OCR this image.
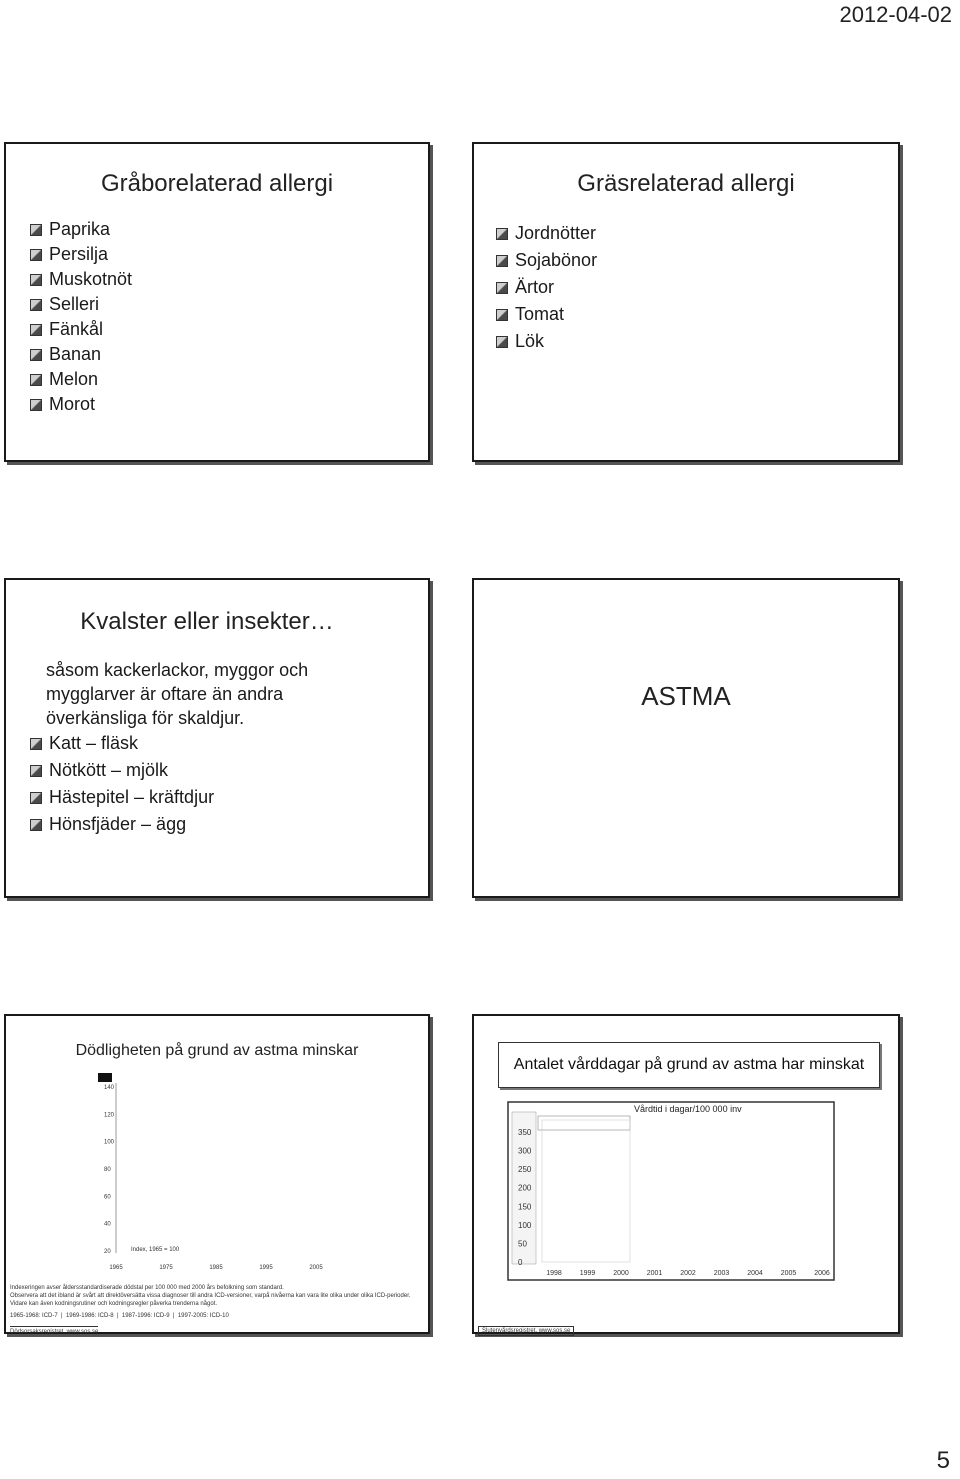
2012-04-02
Gråborelaterad allergi
Paprika
Persilja
Muskotnöt
Selleri
Fänkål
Banan
Melon
Morot
Gräsrelaterad allergi
Jordnötter
Sojabönor
Ärtor
Tomat
Lök
Kvalster eller insekter…
såsom kackerlackor, myggor och
mygglarver är oftare än andra
överkänsliga för skaldjur.
Katt – fläsk
Nötkött – mjölk
Hästepitel – kräftdjur
Hönsfjäder – ägg
ASTMA
Dödligheten på grund av astma minskar
20
40
60
80
100
120
140
1965	1975	1985	1995	2005
Index, 1965 = 100
Indexeringen avser åldersstandardiserade dödstal per 100 000 med 2000 års befolkning som standard.
Observera att det ibland är svårt att direktöversätta vissa diagnoser till andra ICD-versioner, varpå nivåerna kan vara lite olika under olika ICD-perioder.
Vidare kan även kodningsrutiner och kodningsregler påverka trenderna något.
1965-1968: ICD-7  |  1969-1986: ICD-8  |  1987-1996: ICD-9  |  1997-2005: ICD-10
Dödsorsaksregistret, www.sos.se
Antalet vårddagar på grund av astma har minskat
Vårdtid i dagar/100 000 inv
0
50
100
150
200
250
300
350
1998	1999	2000	2001	2002	2003	2004	2005	2006
Slutenvårdsregistret, www.sos.se
5
